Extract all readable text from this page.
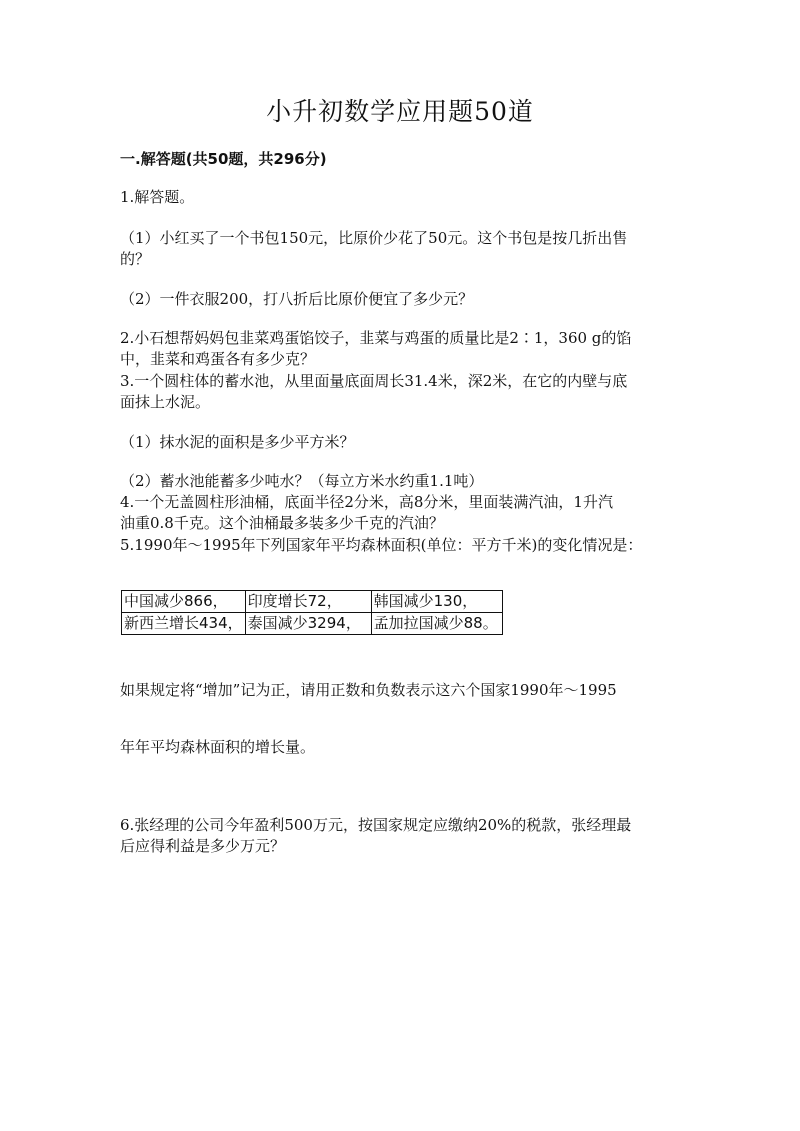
小升初数学应用题50道
一.解答题(共50题，共296分)
1.解答题。
（1）小红买了一个书包150元，比原价少花了50元。这个书包是按几折出售
的？
（2）一件衣服200，打八折后比原价便宜了多少元？
2.小石想帮妈妈包韭菜鸡蛋馅饺子，韭菜与鸡蛋的质量比是2∶1，360 g的馅
中，韭菜和鸡蛋各有多少克？
3.一个圆柱体的蓄水池，从里面量底面周长31.4米，深2米，在它的内壁与底
面抹上水泥。
（1）抹水泥的面积是多少平方米？
（2）蓄水池能蓄多少吨水？（每立方米水约重1.1吨）
4.一个无盖圆柱形油桶，底面半径2分米，高8分米，里面装满汽油，1升汽
油重0.8千克。这个油桶最多装多少千克的汽油？
5.1990年～1995年下列国家年平均森林面积(单位：平方千米)的变化情况是：
中国减少866，	印度增长72，	韩国减少130，
新西兰增长434，	泰国减少3294，	孟加拉国减少88。
如果规定将“增加”记为正，请用正数和负数表示这六个国家1990年～1995
年年平均森林面积的增长量。
6.张经理的公司今年盈利500万元，按国家规定应缴纳20%的税款，张经理最
后应得利益是多少万元？
